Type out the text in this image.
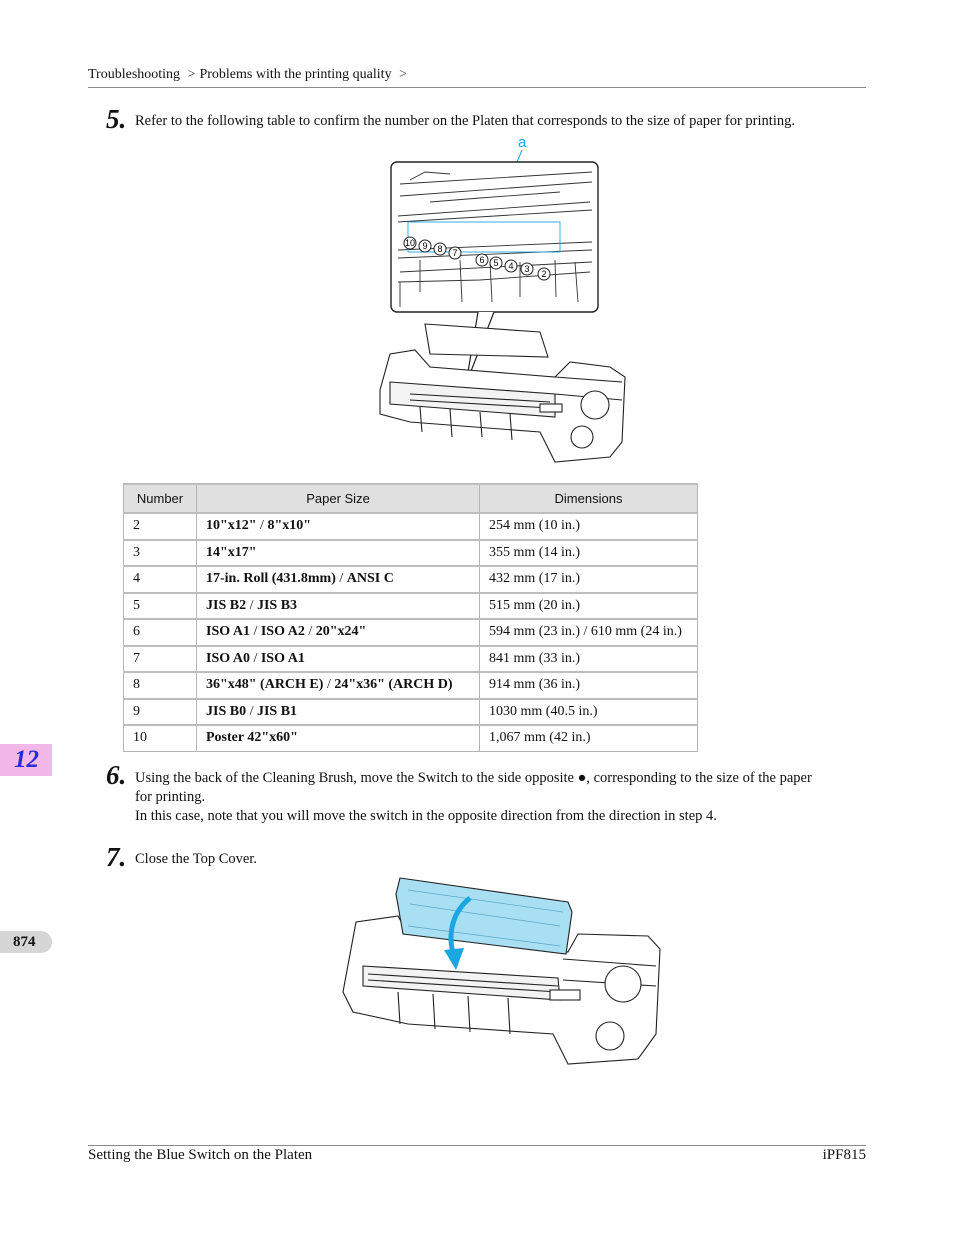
Troubleshooting > Problems with the printing quality >
5. Refer to the following table to confirm the number on the Platen that corresponds to the size of paper for printing.
a
10 9 8 7
6 5 4 3 2
Number	Paper Size	Dimensions
2	10"x12" / 8"x10"	254 mm (10 in.)
3	14"x17"	355 mm (14 in.)
4	17-in. Roll (431.8mm) / ANSI C	432 mm (17 in.)
5	JIS B2 / JIS B3	515 mm (20 in.)
6	ISO A1 / ISO A2 / 20"x24"	594 mm (23 in.) / 610 mm (24 in.)
7	ISO A0 / ISO A1	841 mm (33 in.)
8	36"x48" (ARCH E) / 24"x36" (ARCH D)	914 mm (36 in.)
9	JIS B0 / JIS B1	1030 mm (40.5 in.)
10	Poster 42"x60"	1,067 mm (42 in.)
12
874
6. Using the back of the Cleaning Brush, move the Switch to the side opposite ●, corresponding to the size of the paper
for printing.
In this case, note that you will move the switch in the opposite direction from the direction in step 4.
7. Close the Top Cover.
Setting the Blue Switch on the Platen	iPF815
